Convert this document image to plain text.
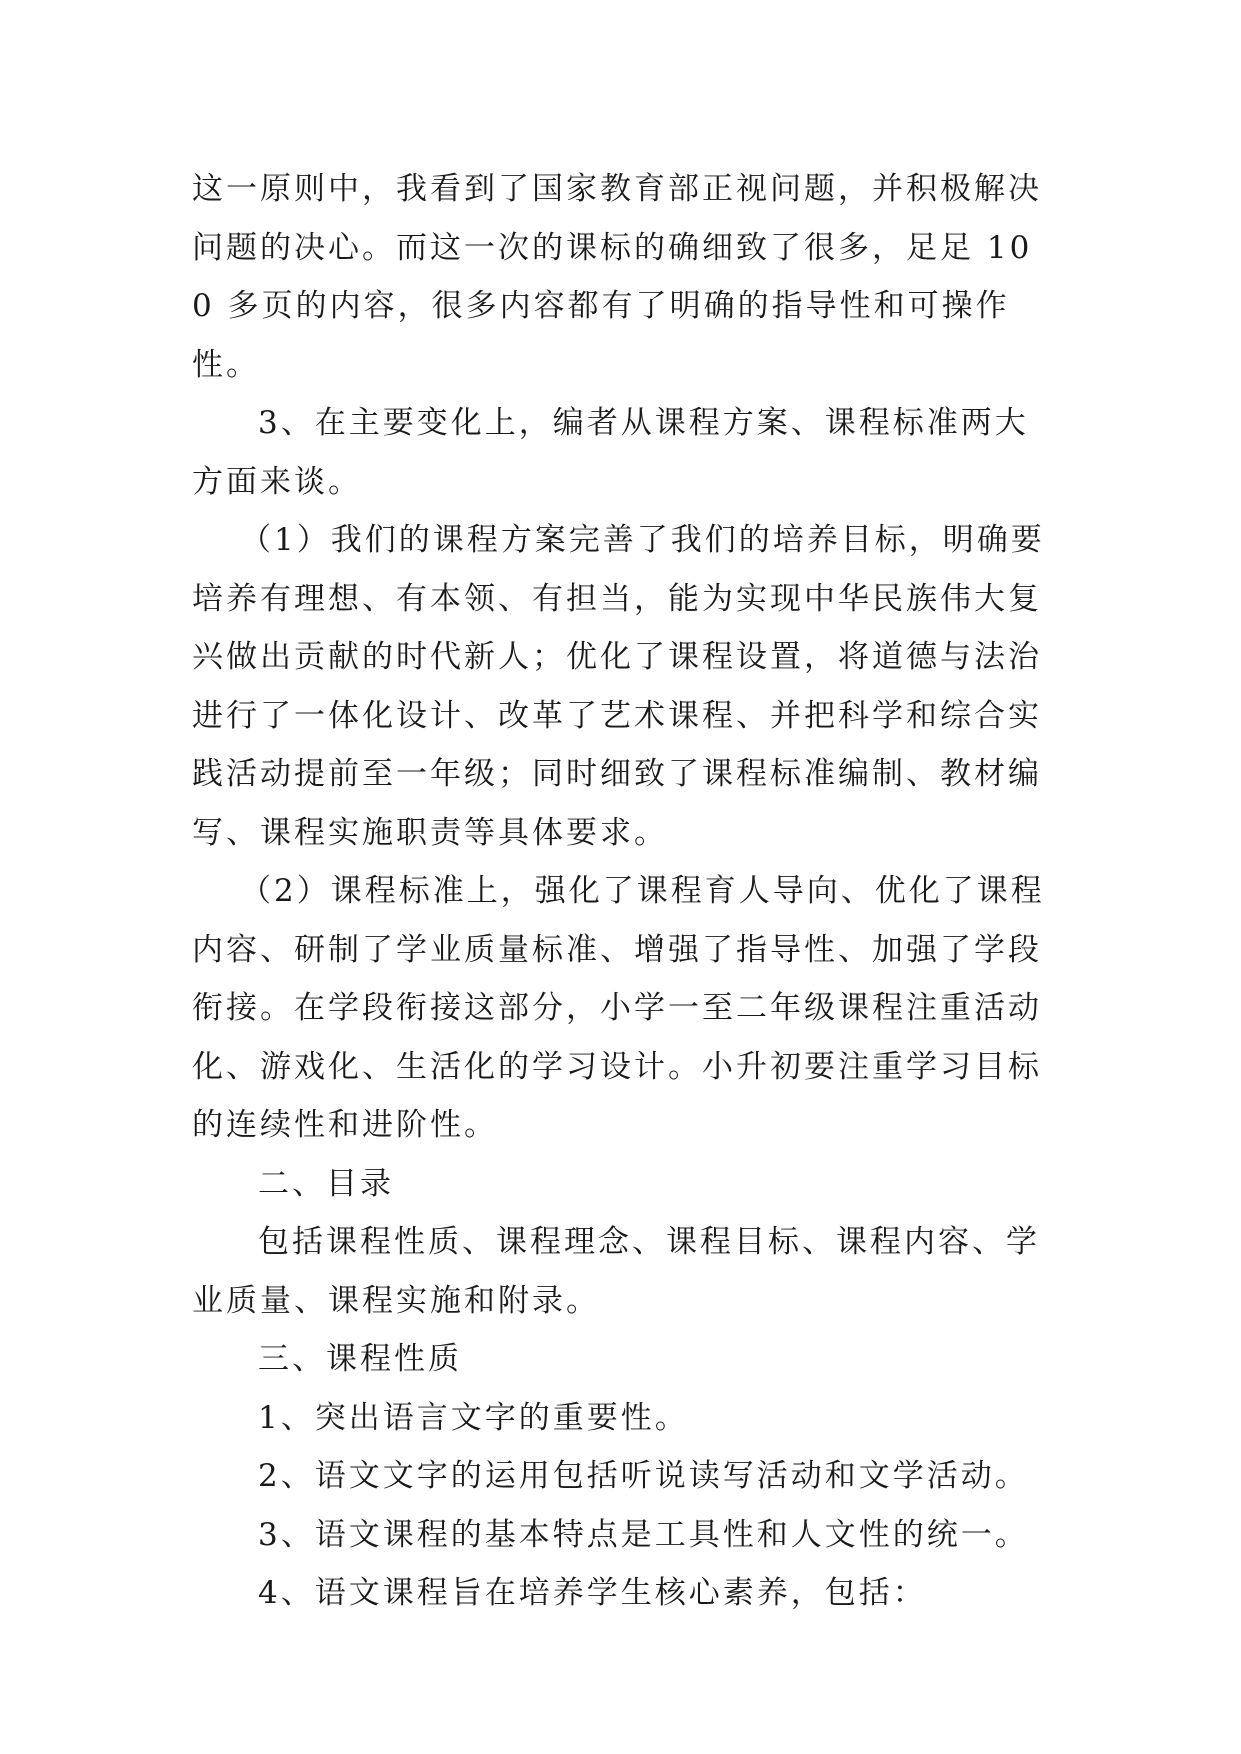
这一原则中，我看到了国家教育部正视问题，并积极解决问题的决心。而这一次的课标的确细致了很多，足足 100 多页的内容，很多内容都有了明确的指导性和可操作性。

3、在主要变化上，编者从课程方案、课程标准两大方面来谈。

（1）我们的课程方案完善了我们的培养目标，明确要培养有理想、有本领、有担当，能为实现中华民族伟大复兴做出贡献的时代新人；优化了课程设置，将道德与法治进行了一体化设计、改革了艺术课程、并把科学和综合实践活动提前至一年级；同时细致了课程标准编制、教材编写、课程实施职责等具体要求。

（2）课程标准上，强化了课程育人导向、优化了课程内容、研制了学业质量标准、增强了指导性、加强了学段衔接。在学段衔接这部分，小学一至二年级课程注重活动化、游戏化、生活化的学习设计。小升初要注重学习目标的连续性和进阶性。

二、目录

包括课程性质、课程理念、课程目标、课程内容、学业质量、课程实施和附录。

三、课程性质

1、突出语言文字的重要性。

2、语文文字的运用包括听说读写活动和文学活动。

3、语文课程的基本特点是工具性和人文性的统一。

4、语文课程旨在培养学生核心素养，包括：
